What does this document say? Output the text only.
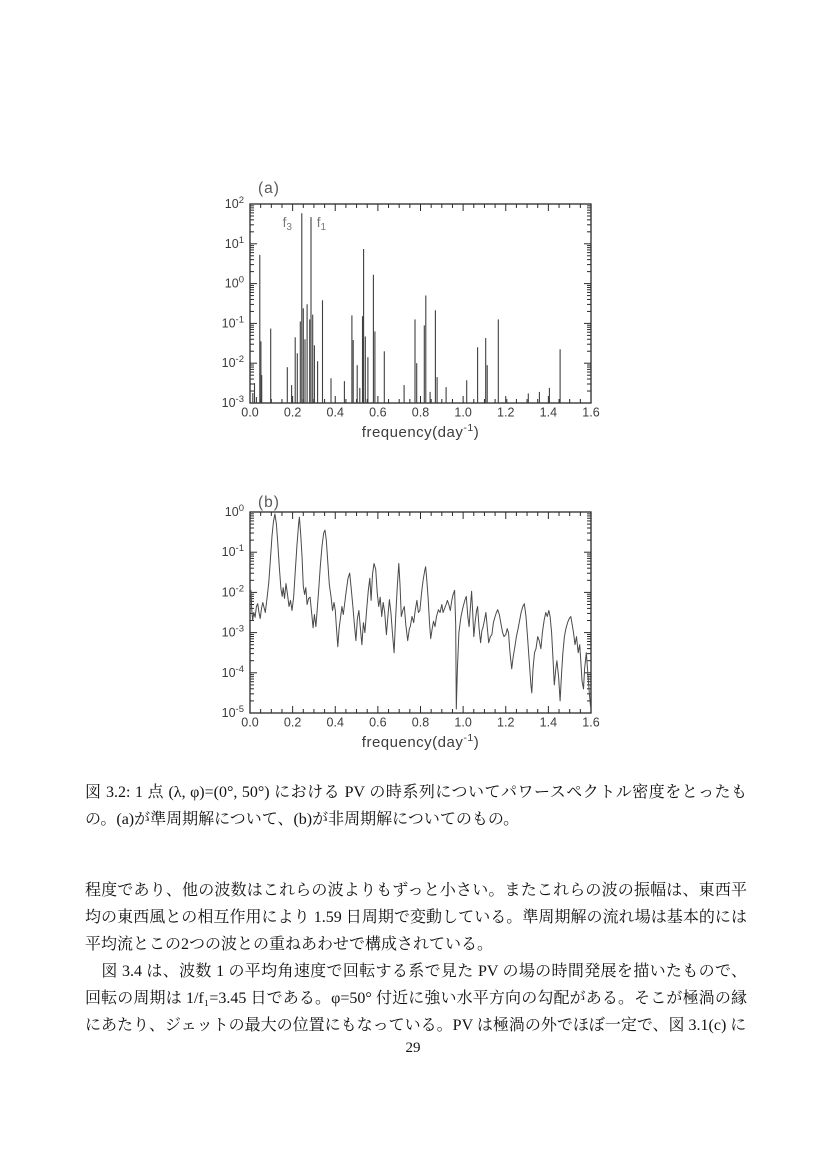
0.0 0.2 0.4 0.6 0.8 1.0 1.2 1.4 1.6
$10^2$
$10^1$
$10^0$
$10^{-1}$
$10^{-2}$
$10^{-3}$
frequency(day$^{-1}$)
(a)
$f_3$ $f_1$
0.0 0.2 0.4 0.6 0.8 1.0 1.2 1.4 1.6
$10^0$
$10^{-1}$
$10^{-2}$
$10^{-3}$
$10^{-4}$
$10^{-5}$
frequency(day$^{-1}$)
(b)
図 3.2: 1 点 (λ, φ)=(0°, 50°) における PV の時系列についてパワースペクトル密度をとったもの。(a)が準周期解について、(b)が非周期解についてのもの。

程度であり、他の波数はこれらの波よりもずっと小さい。またこれらの波の振幅は、東西平均の東西風との相互作用により 1.59 日周期で変動している。準周期解の流れ場は基本的には平均流とこの2つの波との重ねあわせで構成されている。

　図 3.4 は、波数 1 の平均角速度で回転する系で見た PV の場の時間発展を描いたもので、回転の周期は 1/f₁=3.45 日である。φ=50° 付近に強い水平方向の勾配がある。そこが極渦の縁にあたり、ジェットの最大の位置にもなっている。PV は極渦の外でほぼ一定で、図 3.1(c) に

29
